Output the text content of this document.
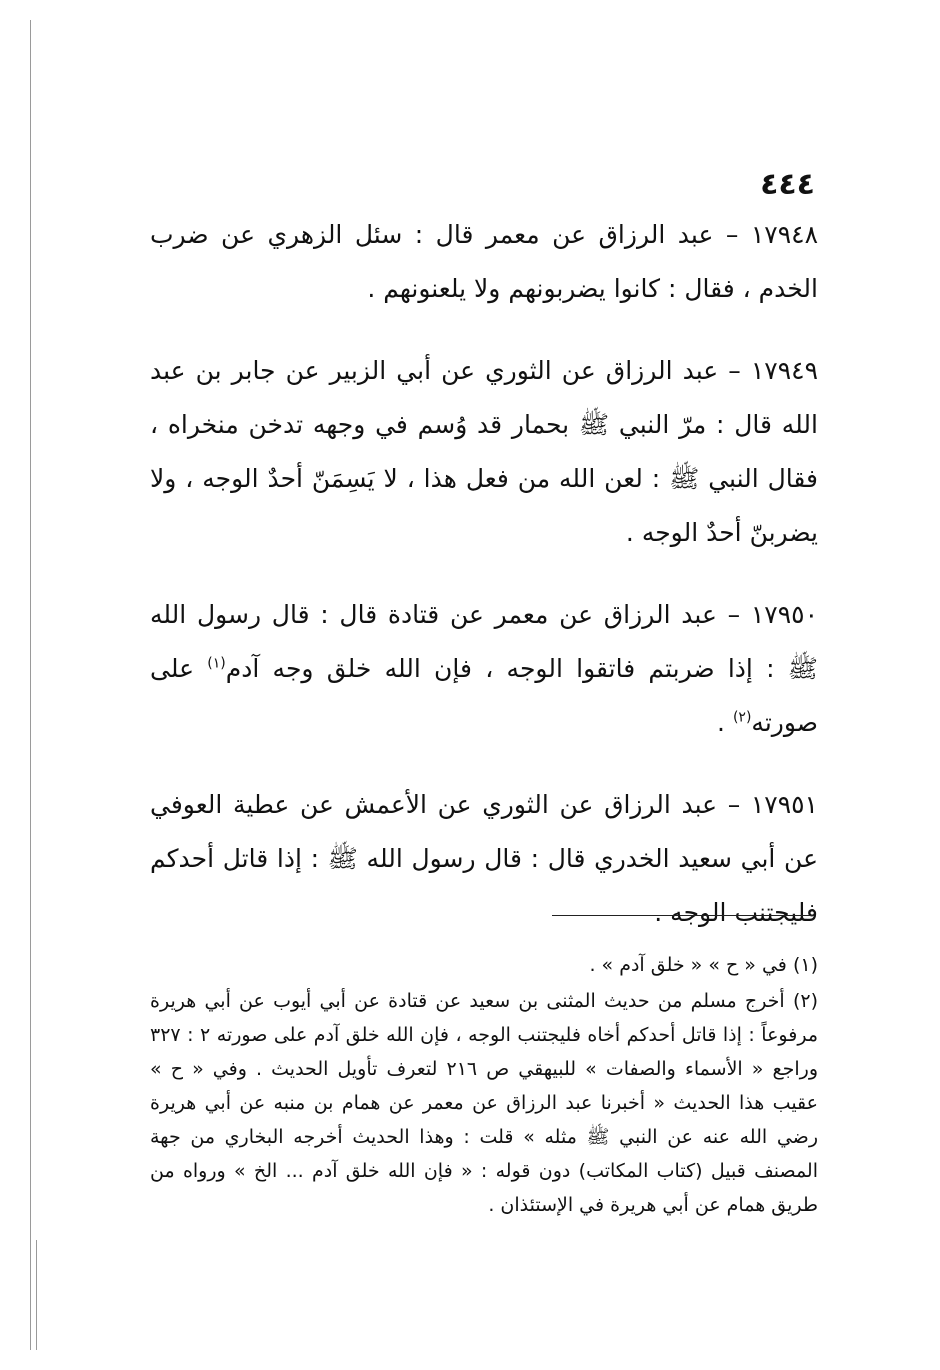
٤٤٤

١٧٩٤٨ – عبد الرزاق عن معمر قال : سئل الزهري عن ضرب الخدم ، فقال : كانوا يضربونهم ولا يلعنونهم .

١٧٩٤٩ – عبد الرزاق عن الثوري عن أبي الزبير عن جابر بن عبد الله قال : مرّ النبي ﷺ بحمار قد وُسم في وجهه تدخن منخراه ، فقال النبي ﷺ : لعن الله من فعل هذا ، لا يَسِمَنّ أحدٌ الوجه ، ولا يضربنّ أحدٌ الوجه .

١٧٩٥٠ – عبد الرزاق عن معمر عن قتادة قال : قال رسول الله ﷺ : إذا ضربتم فاتقوا الوجه ، فإن الله خلق وجه آدم$^{(١)}$ على صورته$^{(٢)}$ .

١٧٩٥١ – عبد الرزاق عن الثوري عن الأعمش عن عطية العوفي عن أبي سعيد الخدري قال : قال رسول الله ﷺ : إذا قاتل أحدكم فليجتنب الوجه .

(١) في « ح » « خلق آدم » .

(٢) أخرج مسلم من حديث المثنى بن سعيد عن قتادة عن أبي أيوب عن أبي هريرة مرفوعاً : إذا قاتل أحدكم أخاه فليجتنب الوجه ، فإن الله خلق آدم على صورته ٢ : ٣٢٧ وراجع « الأسماء والصفات » للبيهقي ص ٢١٦ لتعرف تأويل الحديث . وفي « ح » عقيب هذا الحديث « أخبرنا عبد الرزاق عن معمر عن همام بن منبه عن أبي هريرة رضي الله عنه عن النبي ﷺ مثله » قلت : وهذا الحديث أخرجه البخاري من جهة المصنف قبيل (كتاب المكاتب) دون قوله : « فإن الله خلق آدم ... الخ » ورواه من طريق همام عن أبي هريرة في الإستئذان .
